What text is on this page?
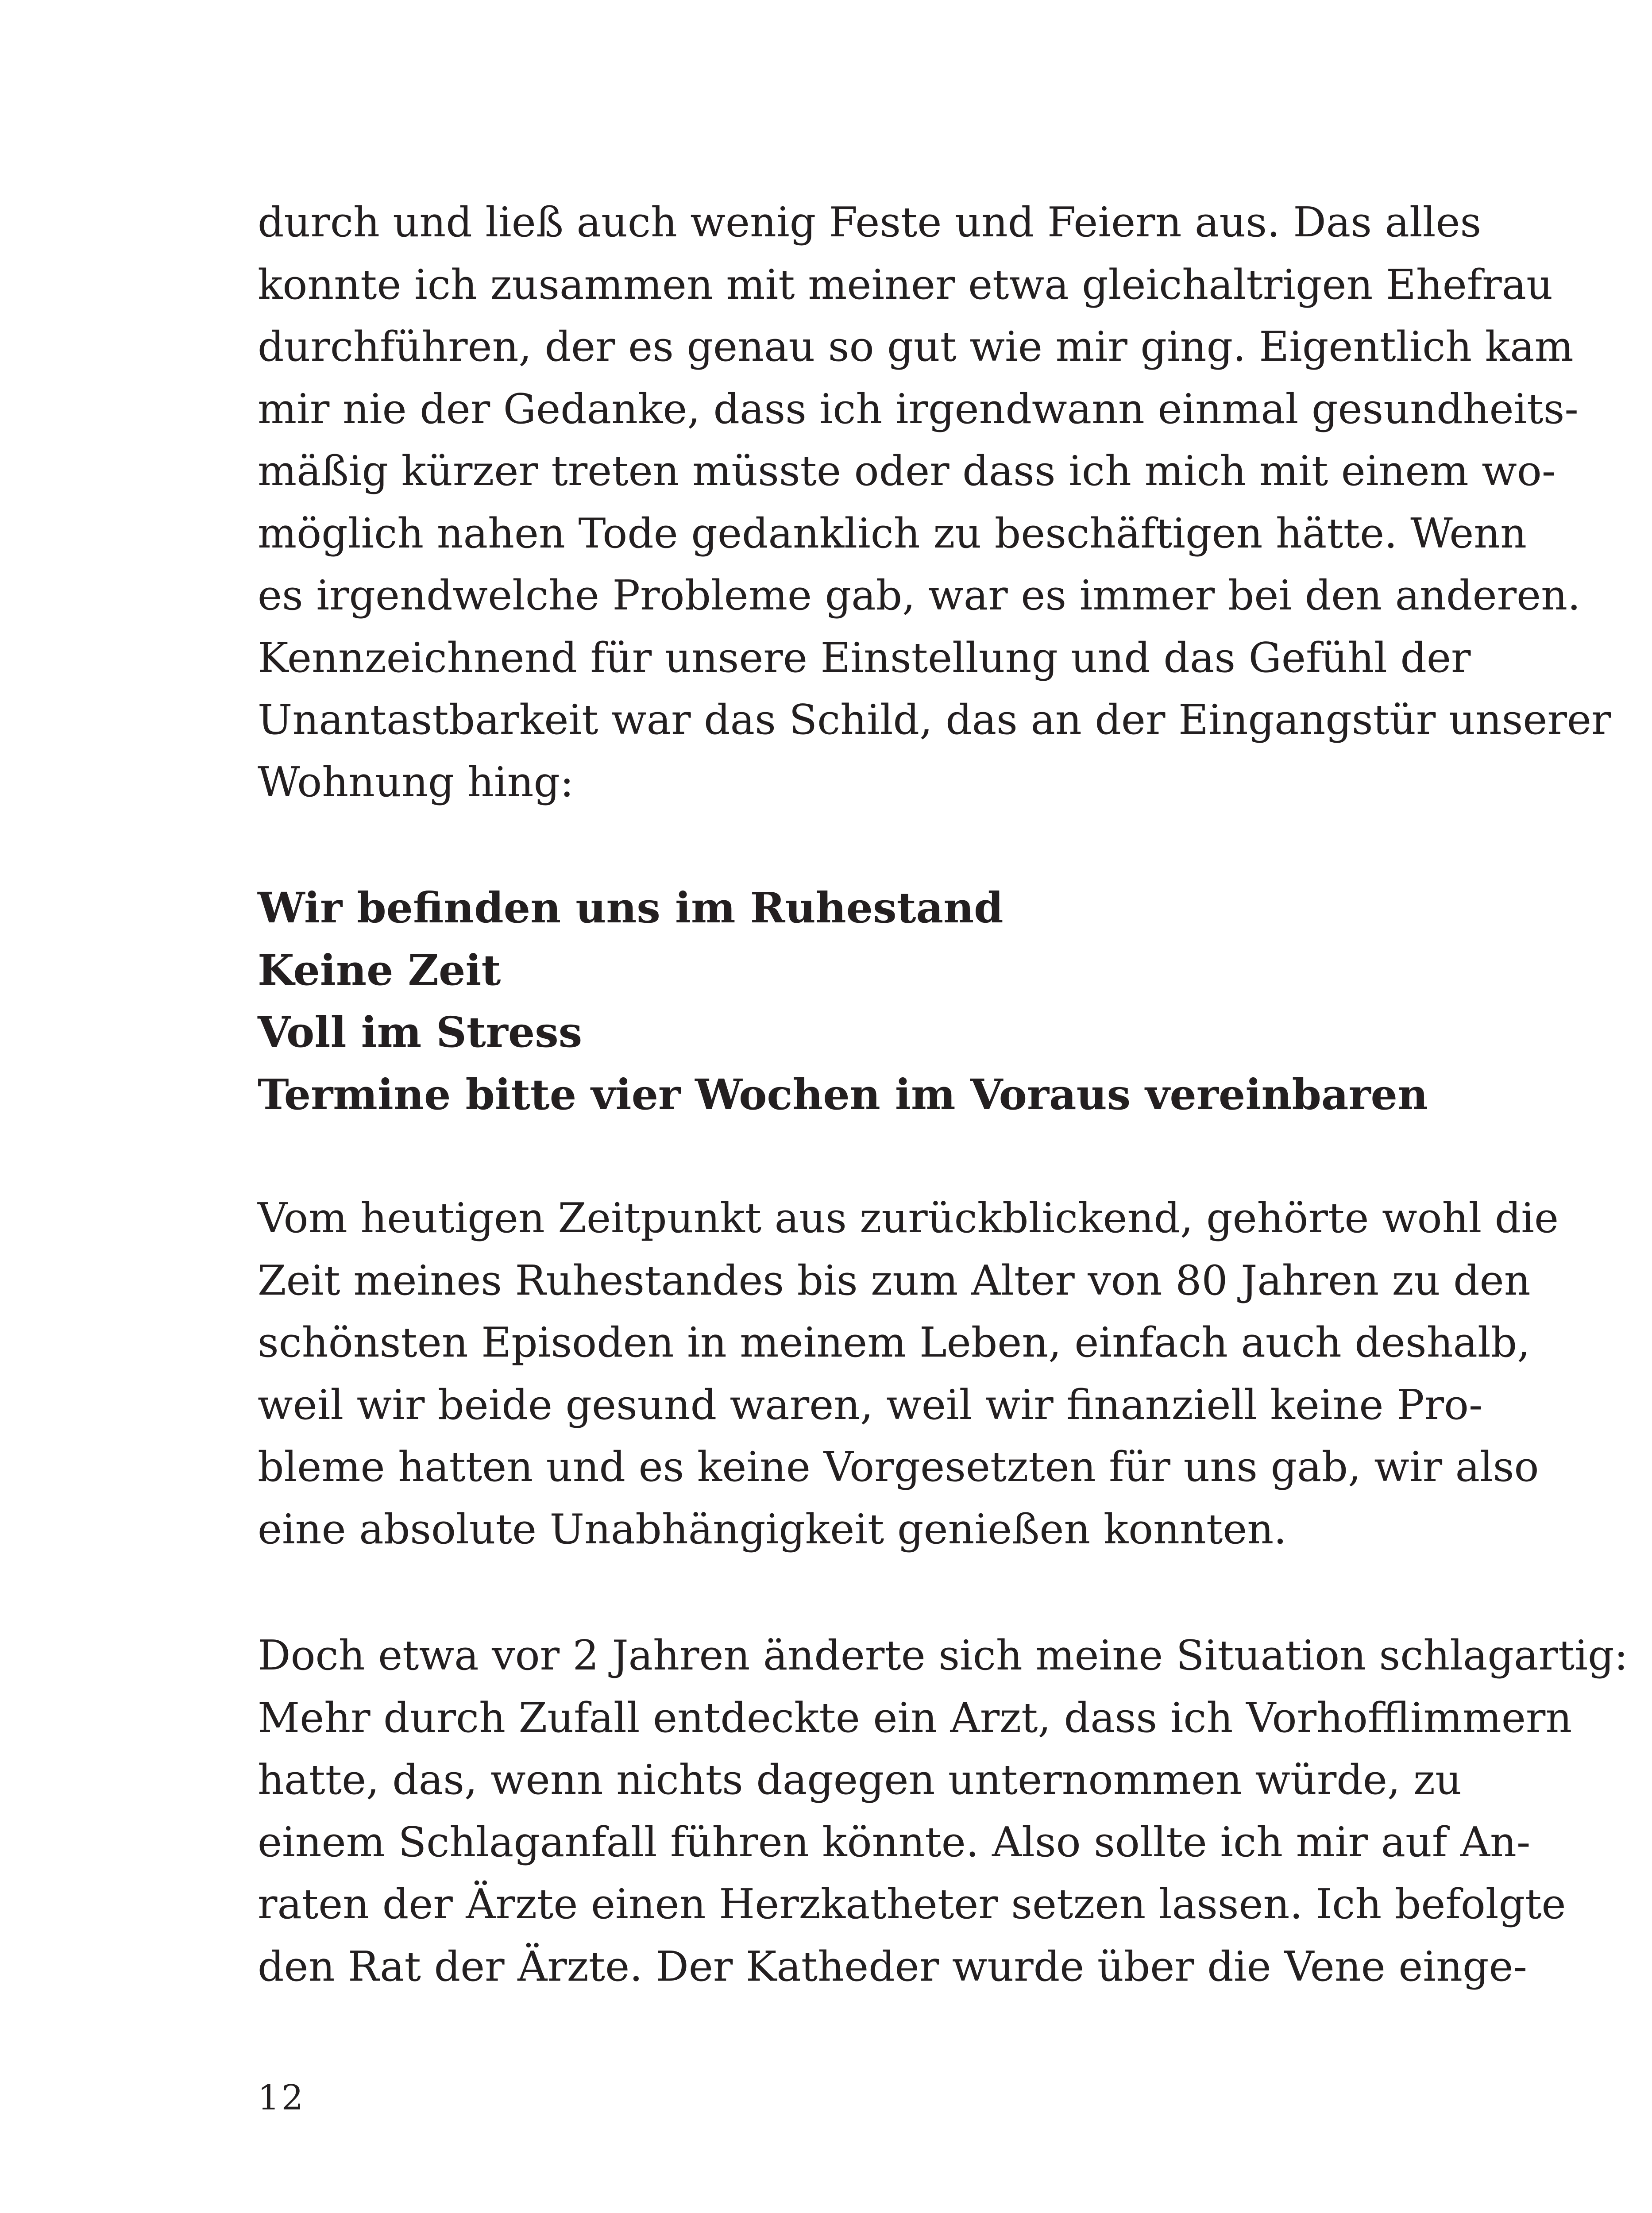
durch und ließ auch wenig Feste und Feiern aus. Das alles
konnte ich zusammen mit meiner etwa gleichaltrigen Ehefrau
durchführen, der es genau so gut wie mir ging. Eigentlich kam
mir nie der Gedanke, dass ich irgendwann einmal gesundheits-
mäßig kürzer treten müsste oder dass ich mich mit einem wo-
möglich nahen Tode gedanklich zu beschäftigen hätte. Wenn
es irgendwelche Probleme gab, war es immer bei den anderen.
Kennzeichnend für unsere Einstellung und das Gefühl der
Unantastbarkeit war das Schild, das an der Eingangstür unserer
Wohnung hing:
Wir befinden uns im Ruhestand
Keine Zeit
Voll im Stress
Termine bitte vier Wochen im Voraus vereinbaren
Vom heutigen Zeitpunkt aus zurückblickend, gehörte wohl die
Zeit meines Ruhestandes bis zum Alter von 80 Jahren zu den
schönsten Episoden in meinem Leben, einfach auch deshalb,
weil wir beide gesund waren, weil wir finanziell keine Pro-
bleme hatten und es keine Vorgesetzten für uns gab, wir also
eine absolute Unabhängigkeit genießen konnten.
Doch etwa vor 2 Jahren änderte sich meine Situation schlagartig:
Mehr durch Zufall entdeckte ein Arzt, dass ich Vorhofflimmern
hatte, das, wenn nichts dagegen unternommen würde, zu
einem Schlaganfall führen könnte. Also sollte ich mir auf An-
raten der Ärzte einen Herzkatheter setzen lassen. Ich befolgte
den Rat der Ärzte. Der Katheder wurde über die Vene einge-
12
